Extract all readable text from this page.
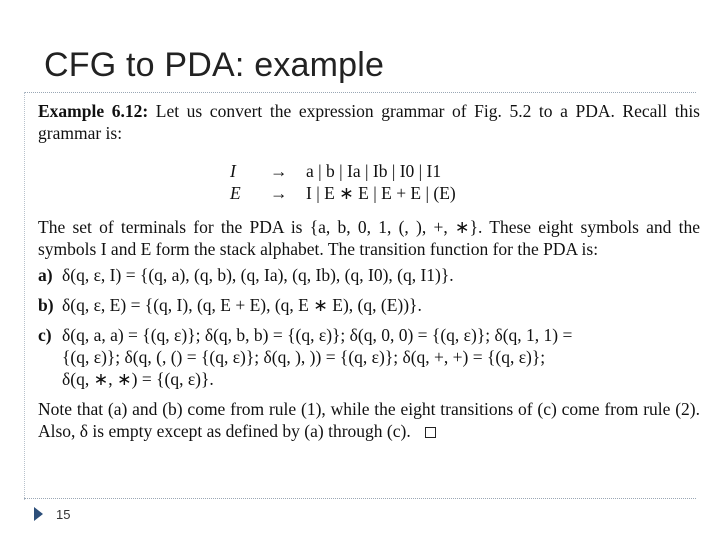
CFG to PDA: example
15

Example 6.12: Let us convert the expression grammar of Fig. 5.2 to a PDA. Recall this grammar is:

I	→	a | b | Ia | Ib | I0 | I1
E	→	I | E ∗ E | E + E | (E)

The set of terminals for the PDA is {a, b, 0, 1, (, ), +, ∗}. These eight symbols and the symbols I and E form the stack alphabet. The transition function for the PDA is:

a) δ(q, ε, I) = {(q, a), (q, b), (q, Ia), (q, Ib), (q, I0), (q, I1)}.
b) δ(q, ε, E) = {(q, I), (q, E + E), (q, E ∗ E), (q, (E))}.
c) δ(q, a, a) = {(q, ε)}; δ(q, b, b) = {(q, ε)}; δ(q, 0, 0) = {(q, ε)}; δ(q, 1, 1) =
{(q, ε)}; δ(q, (, () = {(q, ε)}; δ(q, ), )) = {(q, ε)}; δ(q, +, +) = {(q, ε)};
δ(q, ∗, ∗) = {(q, ε)}.

Note that (a) and (b) come from rule (1), while the eight transitions of (c) come from rule (2). Also, δ is empty except as defined by (a) through (c).
